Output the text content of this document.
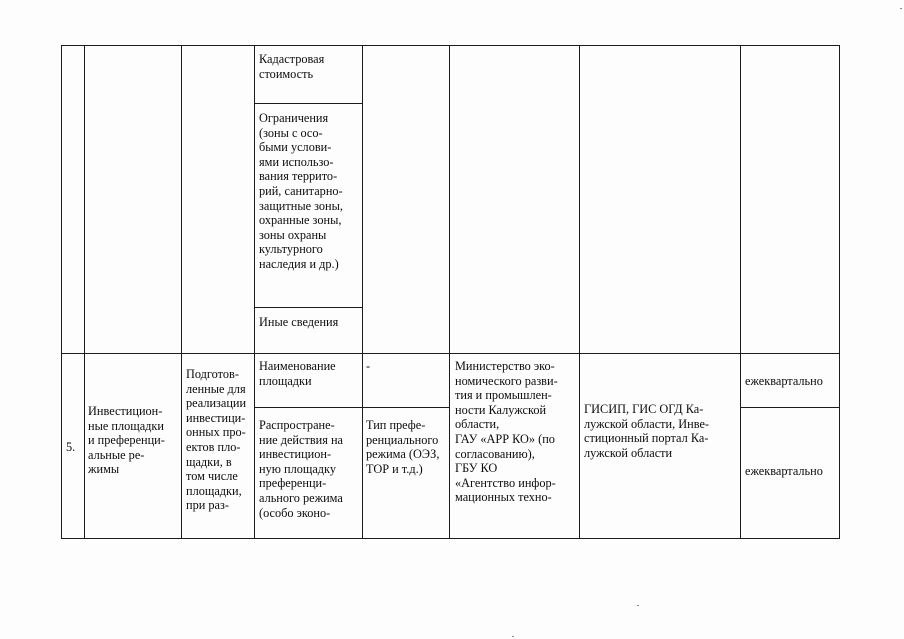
Кадастровая
стоимость
Ограничения
(зоны с осо-
быми услови-
ями использо-
вания террито-
рий, санитарно-
защитные зоны,
охранные зоны,
зоны охраны
культурного
наследия и др.)
Иные сведения
5.
Инвестицион-
ные площадки
и преференци-
альные ре-
жимы
Подготов-
ленные для
реализации
инвестици-
онных про-
ектов пло-
щадки, в
том числе
площадки,
при раз-
Наименование
площадки
-
Распростране-
ние действия на
инвестицион-
ную площадку
преференци-
ального режима
(особо эконо-
Тип префе-
ренциального
режима (ОЭЗ,
ТОР и т.д.)
Министерство эко-
номического разви-
тия и промышлен-
ности Калужской
области,
ГАУ «АРР КО» (по
согласованию),
ГБУ КО
«Агентство инфор-
мационных техно-
ГИСИП, ГИС ОГД Ка-
лужской области, Инве-
стиционный портал Ка-
лужской области
ежеквартально
ежеквартально
